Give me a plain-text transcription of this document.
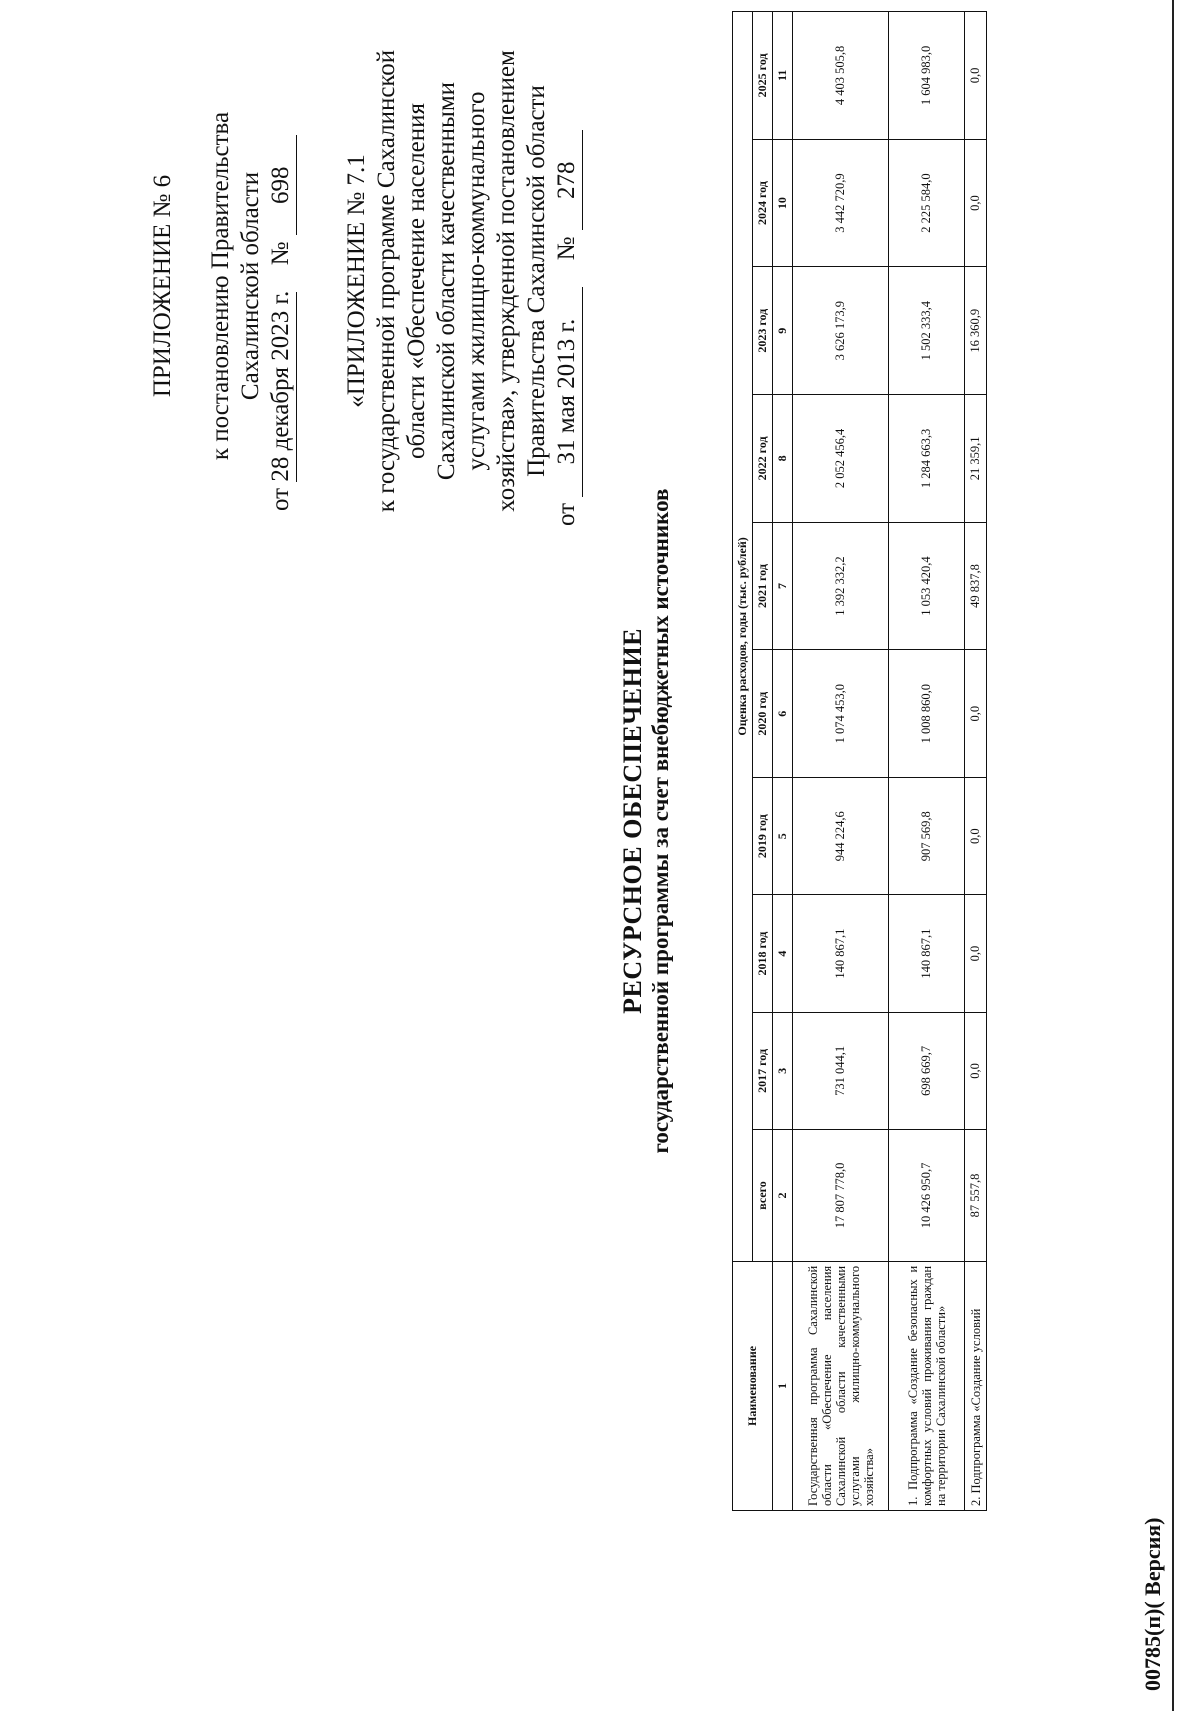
ПРИЛОЖЕНИЕ № 6 к постановлению Правительства Сахалинской области
от 28 декабря 2023 г. № 698 «ПРИЛОЖЕНИЕ № 7.1 к государственной программе Сахалинской области «Обеспечение населения Сахалинской области качественными услугами жилищно-коммунального хозяйства», утвержденной постановлением Правительства Сахалинской области
от 31 мая 2013 г. № 278
РЕСУРСНОЕ ОБЕСПЕЧЕНИЕ государственной программы за счет внебюджетных источников
Наименование	Оценка расходов, годы (тыс. рублей)									
	всего	2017 год	2018 год	2019 год	2020 год	2021 год	2022 год	2023 год	2024 год	2025 год
1	2	3	4	5	6	7	8	9	10	11
Государственная программа Сахалинской области «Обеспечение населения Сахалинской области качественными услугами жилищно-коммунального хозяйства»	17 807 778,0	731 044,1	140 867,1	944 224,6	1 074 453,0	1 392 332,2	2 052 456,4	3 626 173,9	3 442 720,9	4 403 505,8
1. Подпрограмма «Создание безопасных и комфортных условий проживания граждан на территории Сахалинской области»	10 426 950,7	698 669,7	140 867,1	907 569,8	1 008 860,0	1 053 420,4	1 284 663,3	1 502 333,4	2 225 584,0	1 604 983,0
2. Подпрограмма «Создание условий	87 557,8	0,0	0,0	0,0	0,0	49 837,8	21 359,1	16 360,9	0,0	0,0
00785(п)( Версия)
